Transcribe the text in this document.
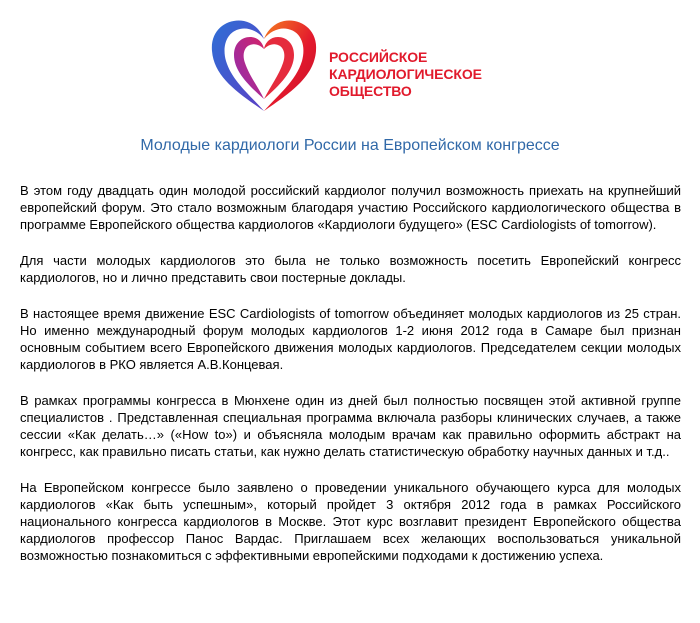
РОССИЙСКОЕ
КАРДИОЛОГИЧЕСКОЕ
ОБЩЕСТВО
Молодые кардиологи России на Европейском конгрессе

В этом году двадцать один молодой российский кардиолог получил возможность приехать на крупнейший европейский форум. Это стало возможным благодаря участию Российского кардиологического общества в программе Европейского общества кардиологов «Кардиологи будущего» (ESC Cardiologists of tomorrow).

Для части молодых кардиологов это была не только возможность посетить Европейский конгресс кардиологов, но и лично представить свои постерные доклады.

В настоящее время движение ESC Cardiologists of tomorrow объединяет молодых кардиологов из 25 стран. Но именно международный форум молодых кардиологов 1-2 июня 2012 года в Самаре был признан основным событием всего Европейского движения молодых кардиологов. Председателем секции молодых кардиологов в РКО является А.В.Концевая.

В рамках программы конгресса в Мюнхене один из дней был полностью посвящен этой активной группе специалистов . Представленная специальная программа включала разборы клинических случаев, а также сессии «Как делать…» («How to») и объясняла молодым врачам как правильно оформить абстракт на конгресс, как правильно писать статьи, как нужно делать статистическую обработку научных данных и т.д..

На Европейском конгрессе было заявлено о проведении уникального обучающего курса для молодых кардиологов «Как быть успешным», который пройдет 3 октября 2012 года в рамках Российского национального конгресса кардиологов в Москве. Этот курс возглавит президент Европейского общества кардиологов профессор Панос Вардас. Приглашаем всех желающих воспользоваться уникальной возможностью познакомиться с эффективными европейскими подходами к достижению успеха.
